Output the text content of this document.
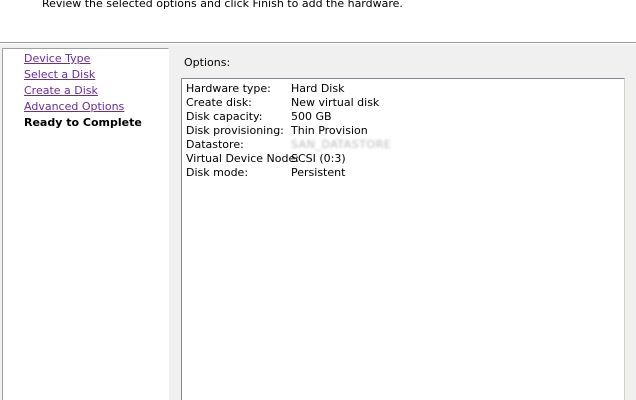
Review the selected options and click Finish to add the hardware.
Device Type
Select a Disk
Create a Disk
Advanced Options
Ready to Complete
Options:
Hardware type: Hard Disk
Create disk:	New virtual disk
Disk capacity:	500 GB
Disk provisioning: Thin Provision
Datastore:	SAN_DATASTORE
Virtual Device Node:
SCSI (0:3)
Disk mode:	Persistent
